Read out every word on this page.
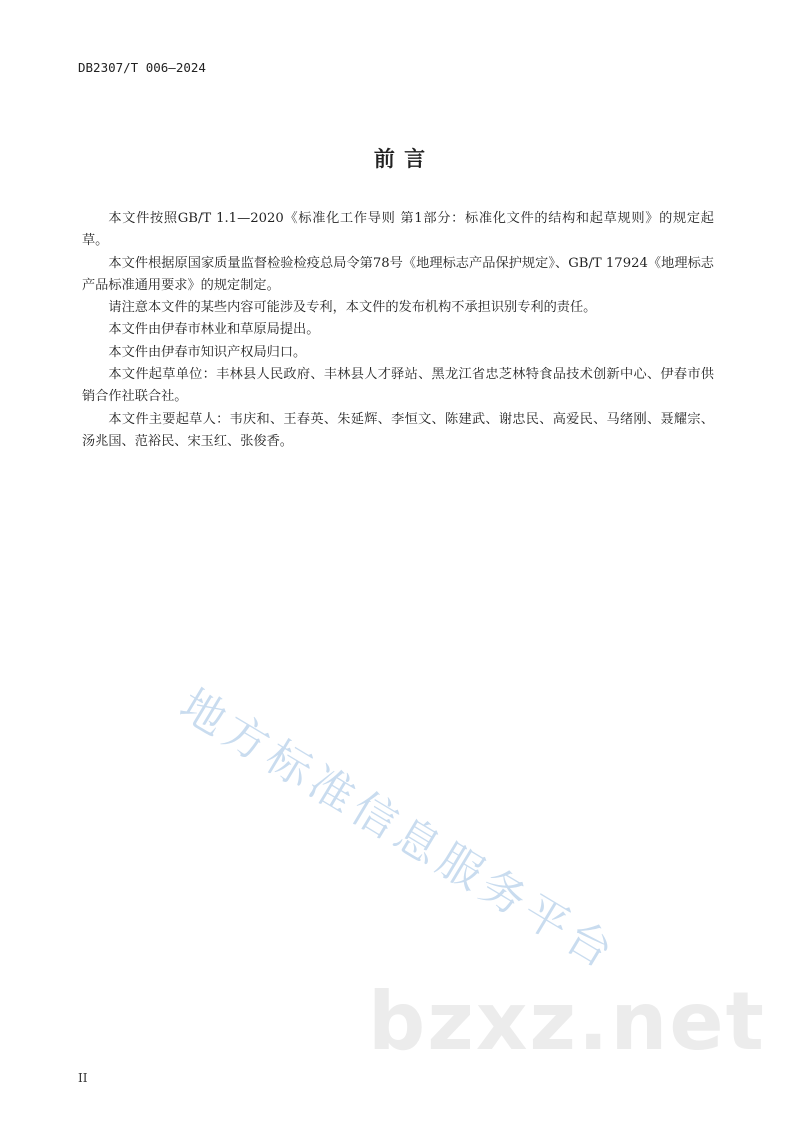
DB2307/T 006—2024
前 言

本文件按照GB/T 1.1—2020《标准化工作导则 第1部分：标准化文件的结构和起草规则》的规定起草。

本文件根据原国家质量监督检验检疫总局令第78号《地理标志产品保护规定》、GB/T 17924《地理标志产品标准通用要求》的规定制定。

请注意本文件的某些内容可能涉及专利，本文件的发布机构不承担识别专利的责任。

本文件由伊春市林业和草原局提出。

本文件由伊春市知识产权局归口。

本文件起草单位：丰林县人民政府、丰林县人才驿站、黑龙江省忠芝林特食品技术创新中心、伊春市供销合作社联合社。

本文件主要起草人：韦庆和、王春英、朱延辉、李恒文、陈建武、谢忠民、高爱民、马绪刚、聂耀宗、汤兆国、范裕民、宋玉红、张俊香。

地方标准信息服务平台
bzxz.net
II
